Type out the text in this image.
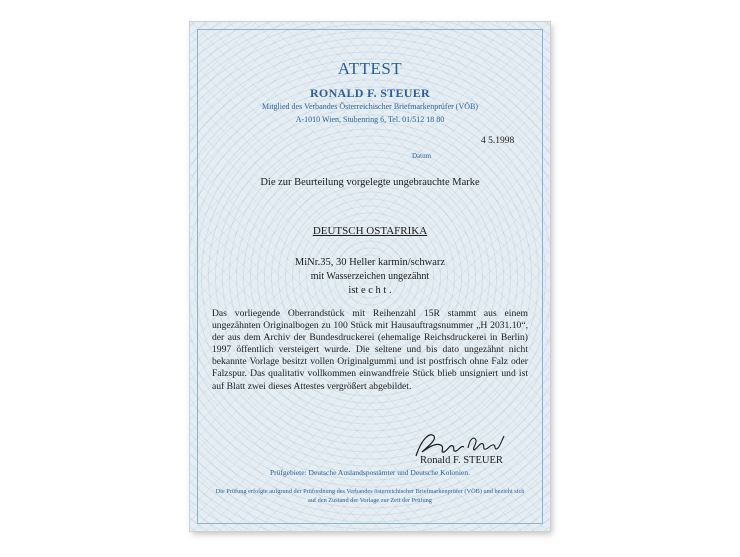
ATTEST
RONALD F. STEUER
Mitglied des Verbandes Österreichischer Briefmarkenprüfer (VÖB)
A-1010 Wien, Stubenring 6, Tel. 01/512 18 80
4 5.1998
Datum
Die zur Beurteilung vorgelegte ungebrauchte Marke
DEUTSCH OSTAFRIKA
MiNr.35, 30 Heller karmin/schwarz
mit Wasserzeichen ungezähnt
ist e c h t .
Das vorliegende Oberrandstück mit Reihenzahl 15R stammt aus einem ungezähnten Originalbogen zu 100 Stück mit Hausauftragsnummer „H 2031.10“, der aus dem Archiv der Bundesdruckerei (ehemalige Reichsdruckerei in Berlin) 1997 öffentlich versteigert wurde. Die seltene und bis dato ungezähnt nicht bekannte Vorlage besitzt vollen Originalgummi und ist postfrisch ohne Falz oder Falzspur. Das qualitativ vollkommen einwandfreie Stück blieb unsigniert und ist auf Blatt zwei dieses Attestes vergrößert abgebildet.
Ronald F. STEUER
Prüfgebiete: Deutsche Auslandspostämter und Deutsche Kolonien.
Die Prüfung erfolgte aufgrund der Prüfordnung des Verbandes österreichischer Briefmarkenprüfer (VÖB) und bezieht sich auf den Zustand der Vorlage zur Zeit der Prüfung
